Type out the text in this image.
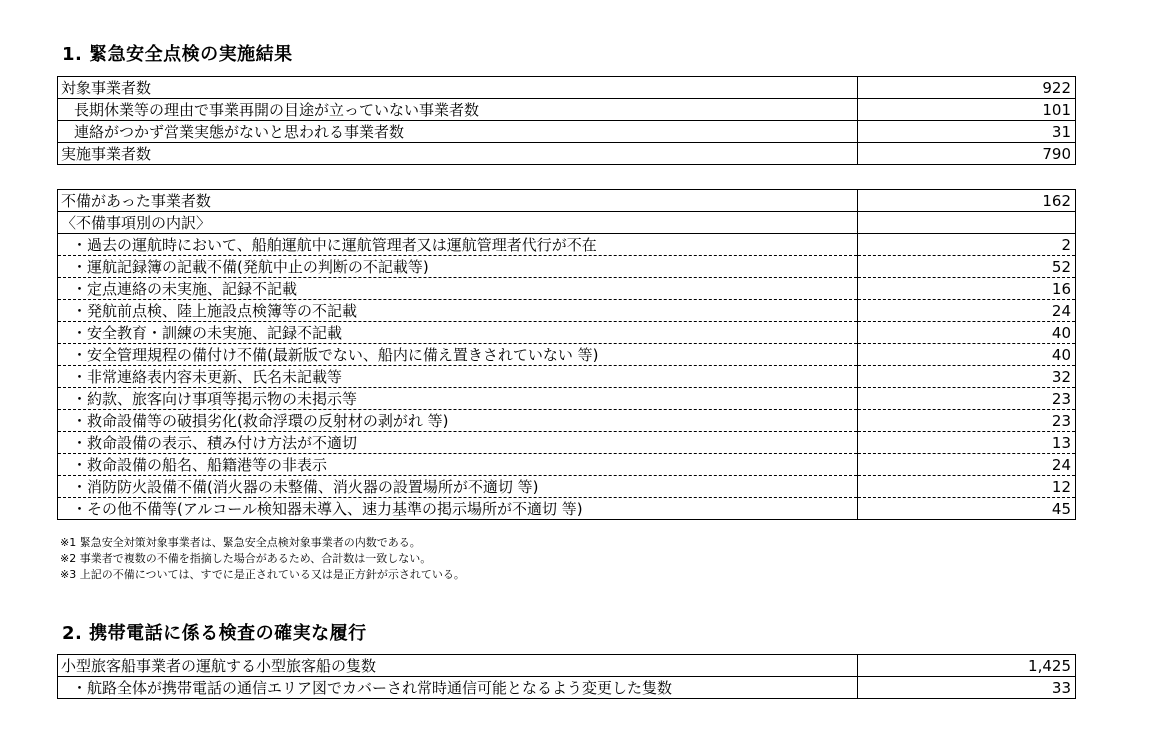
1. 緊急安全点検の実施結果
対象事業者数	922
長期休業等の理由で事業再開の目途が立っていない事業者数	101
連絡がつかず営業実態がないと思われる事業者数	31
実施事業者数	790
不備があった事業者数	162
〈不備事項別の内訳〉	
・過去の運航時において、船舶運航中に運航管理者又は運航管理者代行が不在	2
・運航記録簿の記載不備(発航中止の判断の不記載等)	52
・定点連絡の未実施、記録不記載	16
・発航前点検、陸上施設点検簿等の不記載	24
・安全教育・訓練の未実施、記録不記載	40
・安全管理規程の備付け不備(最新版でない、船内に備え置きされていない 等)	40
・非常連絡表内容未更新、氏名未記載等	32
・約款、旅客向け事項等掲示物の未掲示等	23
・救命設備等の破損劣化(救命浮環の反射材の剥がれ 等)	23
・救命設備の表示、積み付け方法が不適切	13
・救命設備の船名、船籍港等の非表示	24
・消防防火設備不備(消火器の未整備、消火器の設置場所が不適切 等)	12
・その他不備等(アルコール検知器未導入、速力基準の掲示場所が不適切 等)	45
※1 緊急安全対策対象事業者は、緊急安全点検対象事業者の内数である。
※2 事業者で複数の不備を指摘した場合があるため、合計数は一致しない。
※3 上記の不備については、すでに是正されている又は是正方針が示されている。
2. 携帯電話に係る検査の確実な履行
小型旅客船事業者の運航する小型旅客船の隻数	1,425
・航路全体が携帯電話の通信エリア図でカバーされ常時通信可能となるよう変更した隻数	33
